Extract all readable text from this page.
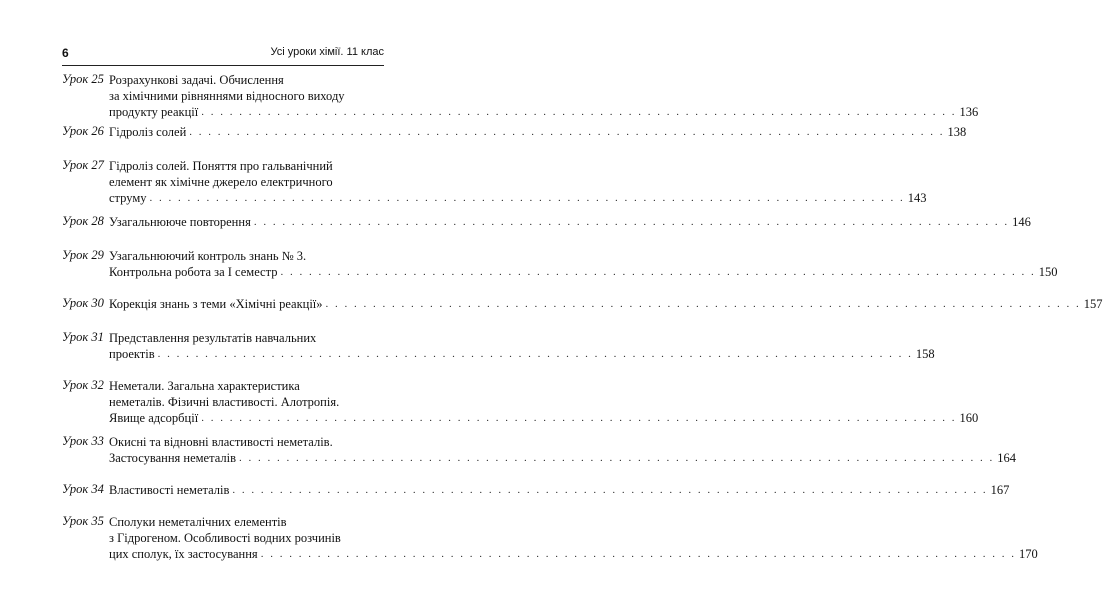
6	Усі уроки хімії. 11 клас
Урок 25 Розрахункові задачі. Обчислення
за хімічними рівняннями відносного виходу
продукту реакції . . . . . . . . . . . . . . . . . . . . . . . . . . . . . . . . . . . . . . . . . . . . . . . . . . . . . . . . . . . . . . . . . . . . . . . . . . . . . . . . 136
Урок 26 Гідроліз солей . . . . . . . . . . . . . . . . . . . . . . . . . . . . . . . . . . . . . . . . . . . . . . . . . . . . . . . . . . . . . . . . . . . . . . . . . . . . . . . . 138
Урок 27 Гідроліз солей. Поняття про гальванічний
елемент як хімічне джерело електричного
струму . . . . . . . . . . . . . . . . . . . . . . . . . . . . . . . . . . . . . . . . . . . . . . . . . . . . . . . . . . . . . . . . . . . . . . . . . . . . . . . . 143
Урок 28 Узагальнююче повторення . . . . . . . . . . . . . . . . . . . . . . . . . . . . . . . . . . . . . . . . . . . . . . . . . . . . . . . . . . . . . . . . . . . . . . . . . . . . . . . . 146
Урок 29 Узагальнюючий контроль знань № 3.
Контрольна робота за I семестр . . . . . . . . . . . . . . . . . . . . . . . . . . . . . . . . . . . . . . . . . . . . . . . . . . . . . . . . . . . . . . . . . . . . . . . . . . . . . . . . 150
Урок 30 Корекція знань з теми «Хімічні реакції» . . . . . . . . . . . . . . . . . . . . . . . . . . . . . . . . . . . . . . . . . . . . . . . . . . . . . . . . . . . . . . . . . . . . . . . . . . . . . . . . 157
Урок 31 Представлення результатів навчальних
проектів . . . . . . . . . . . . . . . . . . . . . . . . . . . . . . . . . . . . . . . . . . . . . . . . . . . . . . . . . . . . . . . . . . . . . . . . . . . . . . . . 158
Урок 32 Неметали. Загальна характеристика
неметалів. Фізичні властивості. Алотропія.
Явище адсорбції . . . . . . . . . . . . . . . . . . . . . . . . . . . . . . . . . . . . . . . . . . . . . . . . . . . . . . . . . . . . . . . . . . . . . . . . . . . . . . . . 160
Урок 33 Окисні та відновні властивості неметалів.
Застосування неметалів . . . . . . . . . . . . . . . . . . . . . . . . . . . . . . . . . . . . . . . . . . . . . . . . . . . . . . . . . . . . . . . . . . . . . . . . . . . . . . . . 164
Урок 34 Властивості неметалів . . . . . . . . . . . . . . . . . . . . . . . . . . . . . . . . . . . . . . . . . . . . . . . . . . . . . . . . . . . . . . . . . . . . . . . . . . . . . . . . 167
Урок 35 Сполуки неметалічних елементів
з Гідрогеном. Особливості водних розчинів
цих сполук, їх застосування . . . . . . . . . . . . . . . . . . . . . . . . . . . . . . . . . . . . . . . . . . . . . . . . . . . . . . . . . . . . . . . . . . . . . . . . . . . . . . . . 170
